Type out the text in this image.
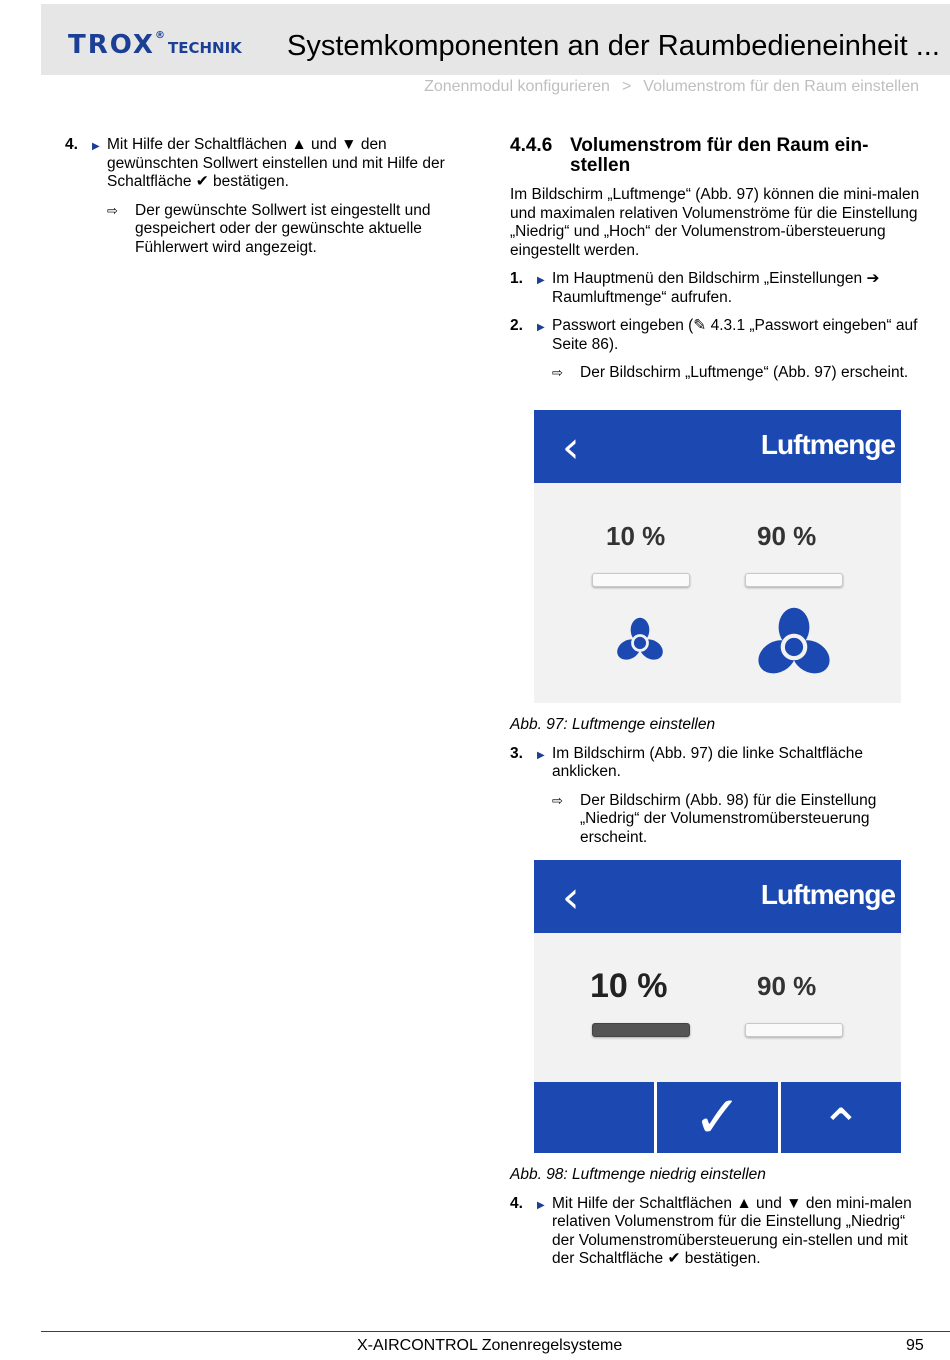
TROX®TECHNIK Systemkomponenten an der Raumbedieneinheit ...
Zonenmodul konfigurieren > Volumenstrom für den Raum einstellen
4. ▶ Mit Hilfe der Schaltflächen ▲ und ▼ den gewünschten Sollwert einstellen und mit Hilfe der Schaltfläche ✔ bestätigen.
⇨ Der gewünschte Sollwert ist eingestellt und gespeichert oder der gewünschte aktuelle Fühlerwert wird angezeigt.
4.4.6 Volumenstrom für den Raum ein-stellen
Im Bildschirm „Luftmenge“ (Abb. 97) können die mini-malen und maximalen relativen Volumenströme für die Einstellung „Niedrig“ und „Hoch“ der Volumenstrom-übersteuerung eingestellt werden.
1. ▶ Im Hauptmenü den Bildschirm „Einstellungen ➔ Raumluftmenge“ aufrufen.
2. ▶ Passwort eingeben (✎ 4.3.1 „Passwort eingeben“ auf Seite 86).
⇨ Der Bildschirm „Luftmenge“ (Abb. 97) erscheint.
‹	Luftmenge
10 %	90 %
Abb. 97: Luftmenge einstellen
3. ▶ Im Bildschirm (Abb. 97) die linke Schaltfläche anklicken.
⇨ Der Bildschirm (Abb. 98) für die Einstellung „Niedrig“ der Volumenstromübersteuerung erscheint.
‹	Luftmenge
10 %	90 %
✓	⌃
Abb. 98: Luftmenge niedrig einstellen
4. ▶ Mit Hilfe der Schaltflächen ▲ und ▼ den mini-malen relativen Volumenstrom für die Einstellung „Niedrig“ der Volumenstromübersteuerung ein-stellen und mit der Schaltfläche ✔ bestätigen.
X-AIRCONTROL Zonenregelsysteme	95
